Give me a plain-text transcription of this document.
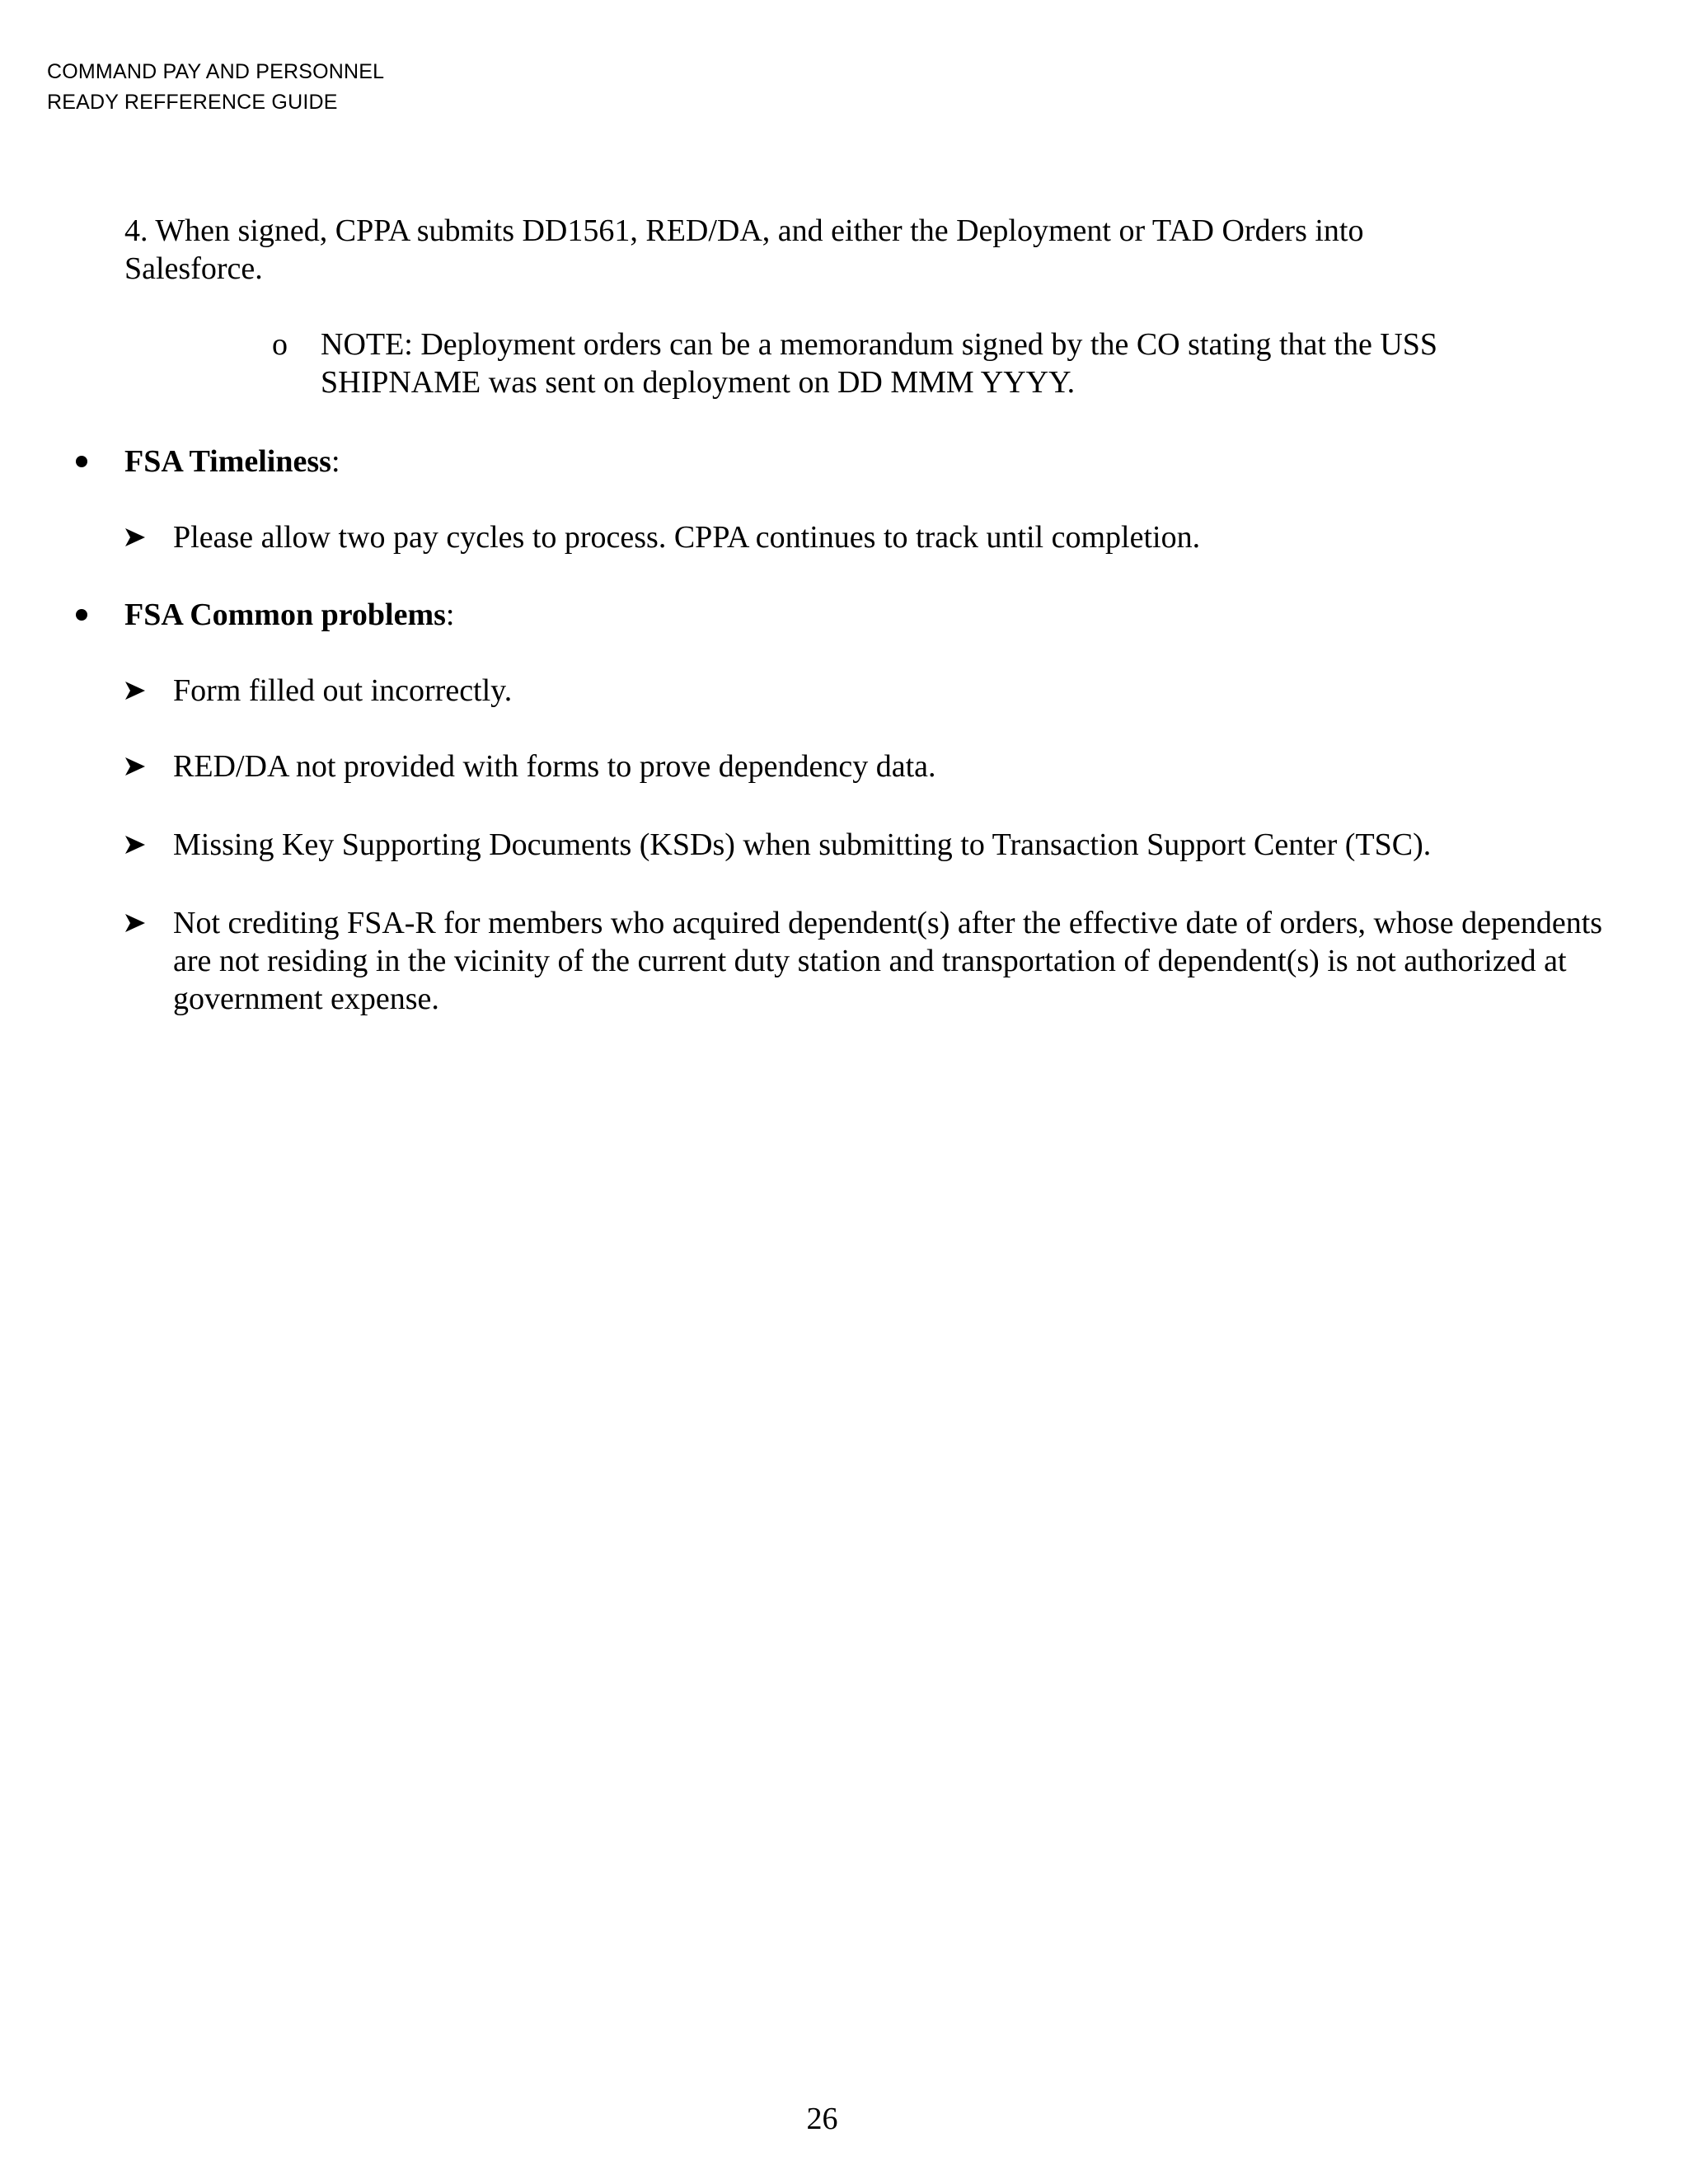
COMMAND PAY AND PERSONNEL
READY REFFERENCE GUIDE
4. When signed, CPPA submits DD1561, RED/DA, and either the Deployment or TAD Orders into Salesforce.
o NOTE: Deployment orders can be a memorandum signed by the CO stating that the USS SHIPNAME was sent on deployment on DD MMM YYYY.
FSA Timeliness:
Please allow two pay cycles to process. CPPA continues to track until completion.
FSA Common problems:
Form filled out incorrectly.
RED/DA not provided with forms to prove dependency data.
Missing Key Supporting Documents (KSDs) when submitting to Transaction Support Center (TSC).
Not crediting FSA-R for members who acquired dependent(s) after the effective date of orders, whose dependents are not residing in the vicinity of the current duty station and transportation of dependent(s) is not authorized at government expense.
26
